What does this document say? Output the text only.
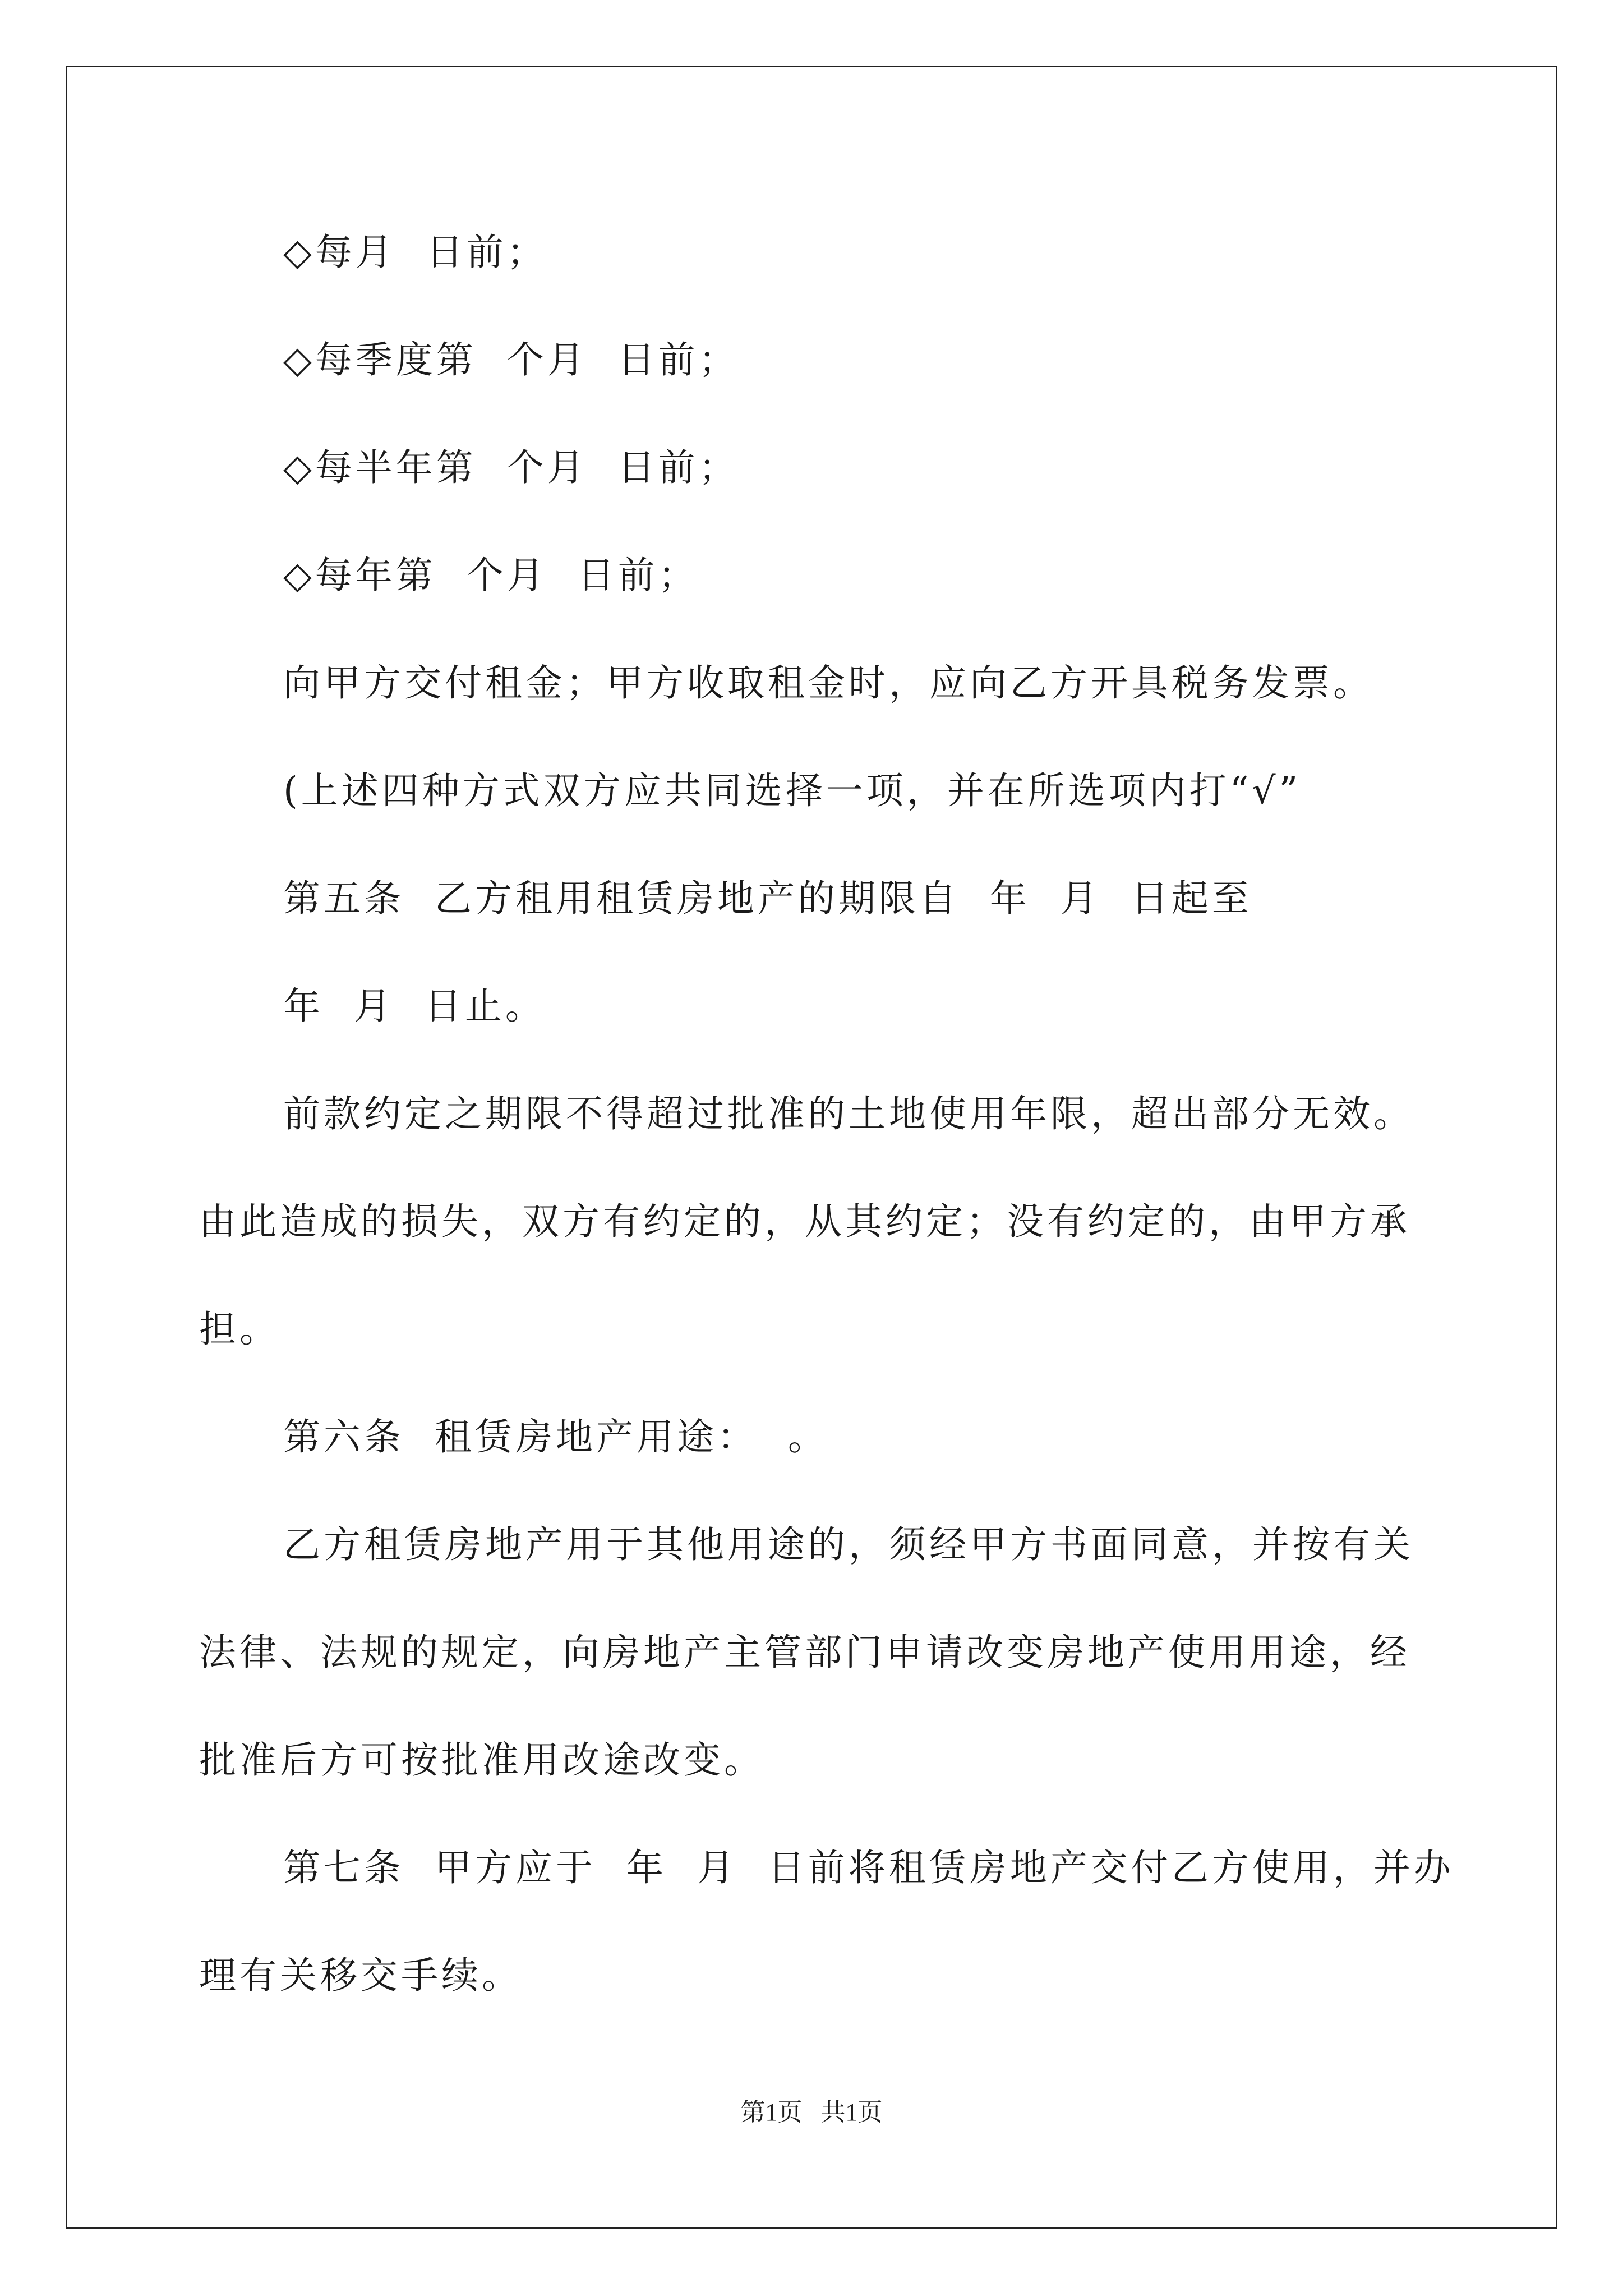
◇每月  日前；
◇每季度第  个月  日前；
◇每半年第  个月  日前；
◇每年第  个月  日前；
向甲方交付租金；甲方收取租金时，应向乙方开具税务发票。
(上述四种方式双方应共同选择一项，并在所选项内打“√”
第五条  乙方租用租赁房地产的期限自  年  月  日起至
年  月  日止。
前款约定之期限不得超过批准的土地使用年限，超出部分无效。
由此造成的损失，双方有约定的，从其约定；没有约定的，由甲方承
担。
第六条  租赁房地产用途：  。
乙方租赁房地产用于其他用途的，须经甲方书面同意，并按有关
法律、法规的规定，向房地产主管部门申请改变房地产使用用途，经
批准后方可按批准用改途改变。
第七条  甲方应于  年  月  日前将租赁房地产交付乙方使用，并办
理有关移交手续。
第1页   共1页
